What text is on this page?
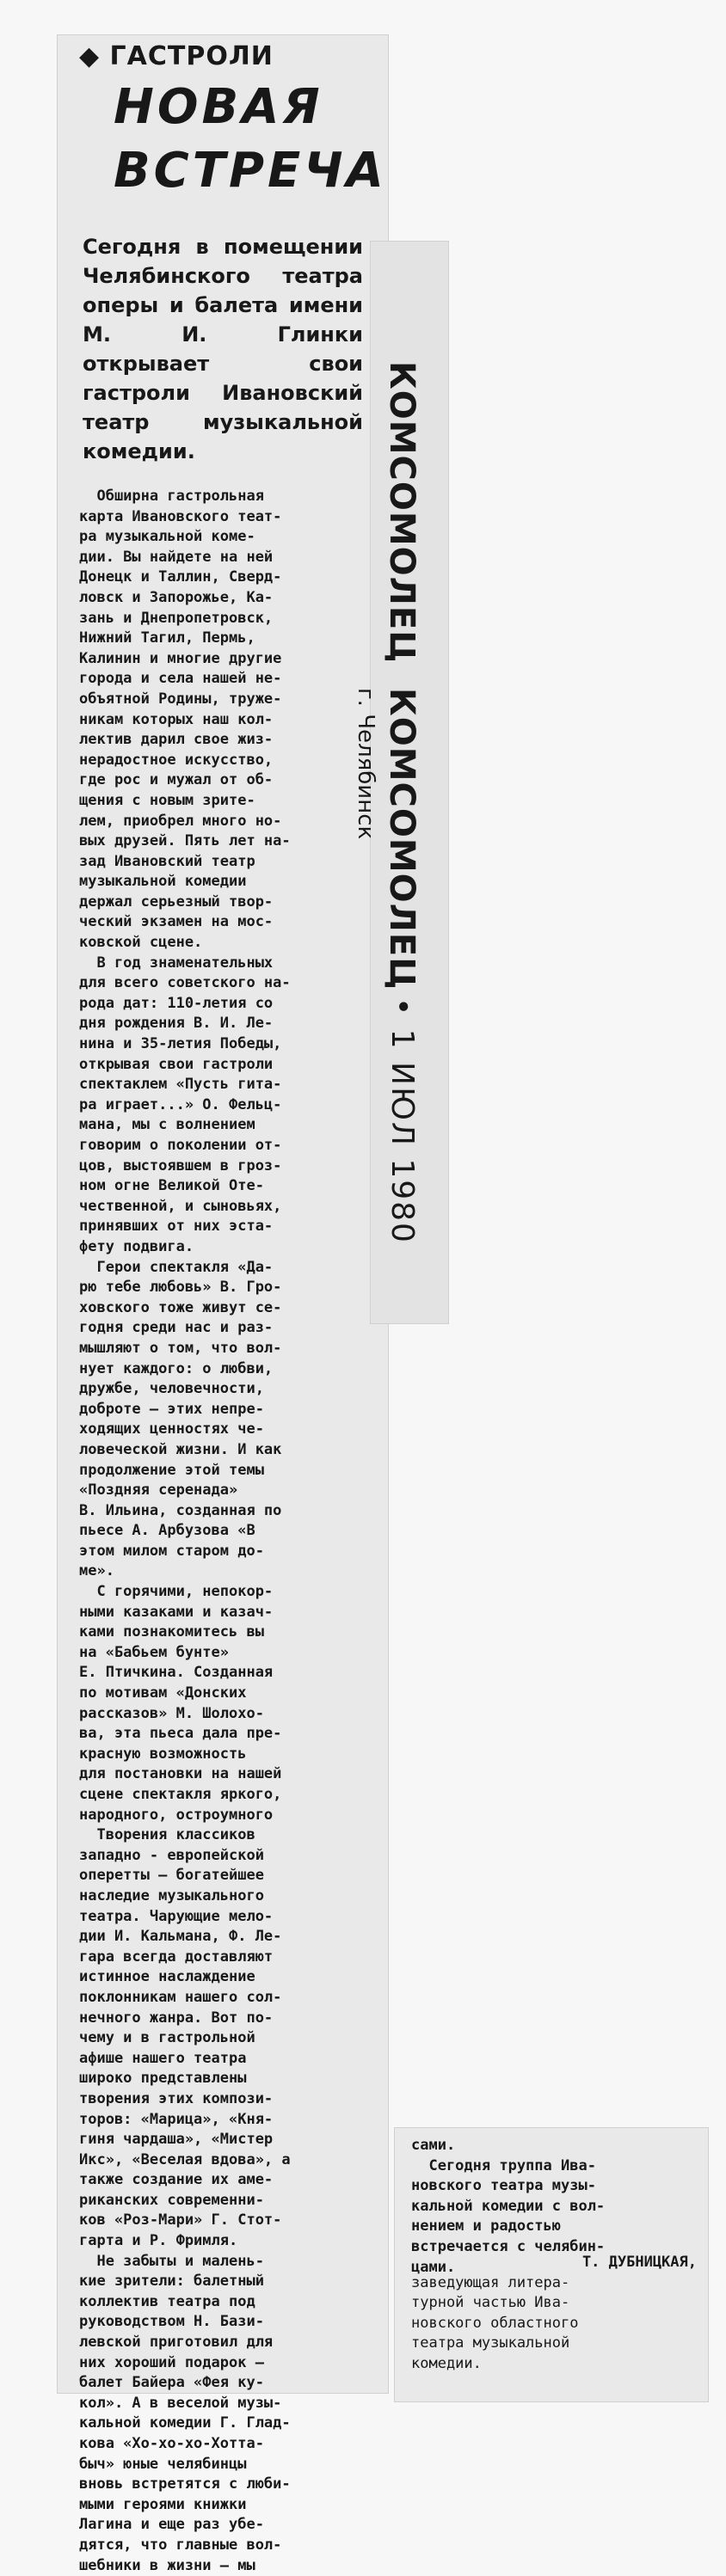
◆ ГАСТРОЛИ
НОВАЯ
ВСТРЕЧА
Сегодня в помещении Челябинского театра оперы и балета имени М. И. Глинки открывает свои гастроли Ивановский театр музыкальной комедии.
Обширна гастрольная
карта Ивановского теат-
ра музыкальной коме-
дии. Вы найдете на ней
Донецк и Таллин, Сверд-
ловск и Запорожье, Ка-
зань и Днепропетровск,
Нижний Тагил, Пермь,
Калинин и многие другие
города и села нашей не-
объятной Родины, труже-
никам которых наш кол-
лектив дарил свое жиз-
нерадостное искусство,
где рос и мужал от об-
щения с новым зрите-
лем, приобрел много но-
вых друзей. Пять лет на-
зад Ивановский театр
музыкальной комедии
держал серьезный твор-
ческий экзамен на мос-
ковской сцене.
В год знаменательных
для всего советского на-
рода дат: 110-летия со
дня рождения В. И. Ле-
нина и 35-летия Победы,
открывая свои гастроли
спектаклем «Пусть гита-
ра играет...» О. Фельц-
мана, мы с волнением
говорим о поколении от-
цов, выстоявшем в гроз-
ном огне Великой Оте-
чественной, и сыновьях,
принявших от них эста-
фету подвига.
Герои спектакля «Да-
рю тебе любовь» В. Гро-
ховского тоже живут се-
годня среди нас и раз-
мышляют о том, что вол-
нует каждого: о любви,
дружбе, человечности,
доброте — этих непре-
ходящих ценностях че-
ловеческой жизни. И как
продолжение этой темы
«Поздняя серенада»
В. Ильина, созданная по
пьесе А. Арбузова «В
этом милом старом до-
ме».
С горячими, непокор-
ными казаками и казач-
ками познакомитесь вы
на «Бабьем бунте»
Е. Птичкина. Созданная
по мотивам «Донских
рассказов» М. Шолохо-
ва, эта пьеса дала пре-
красную возможность
для постановки на нашей
сцене спектакля яркого,
народного, остроумного
Творения классиков
западно - европейской
оперетты — богатейшее
наследие музыкального
театра. Чарующие мело-
дии И. Кальмана, Ф. Ле-
гара всегда доставляют
истинное наслаждение
поклонникам нашего сол-
нечного жанра. Вот по-
чему и в гастрольной
афише нашего театра
широко представлены
творения этих компози-
торов: «Марица», «Кня-
гиня чардаша», «Мистер
Икс», «Веселая вдова», а
также создание их аме-
риканских современни-
ков «Роз-Мари» Г. Стот-
гарта и Р. Фримля.
Не забыты и малень-
кие зрители: балетный
коллектив театра под
руководством Н. Бази-
левской приготовил для
них хороший подарок —
балет Байера «Фея ку-
кол». А в веселой музы-
кальной комедии Г. Глад-
кова «Хо-хо-хо-Хотта-
быч» юные челябинцы
вновь встретятся с люби-
мыми героями книжки
Лагина и еще раз убе-
дятся, что главные вол-
шебники в жизни — мы
КОМСОМОЛЕЦ
КОМСОМОЛЕЦ
г. Челябинск
• 1 ИЮЛ 1980
сами.
Сегодня труппа Ива-
новского театра музы-
кальной комедии с вол-
нением и радостью
встречается с челябин-
цами.	Т. ДУБНИЦКАЯ,
заведующая литера-
турной частью Ива-
новского областного
театра музыкальной
комедии.
